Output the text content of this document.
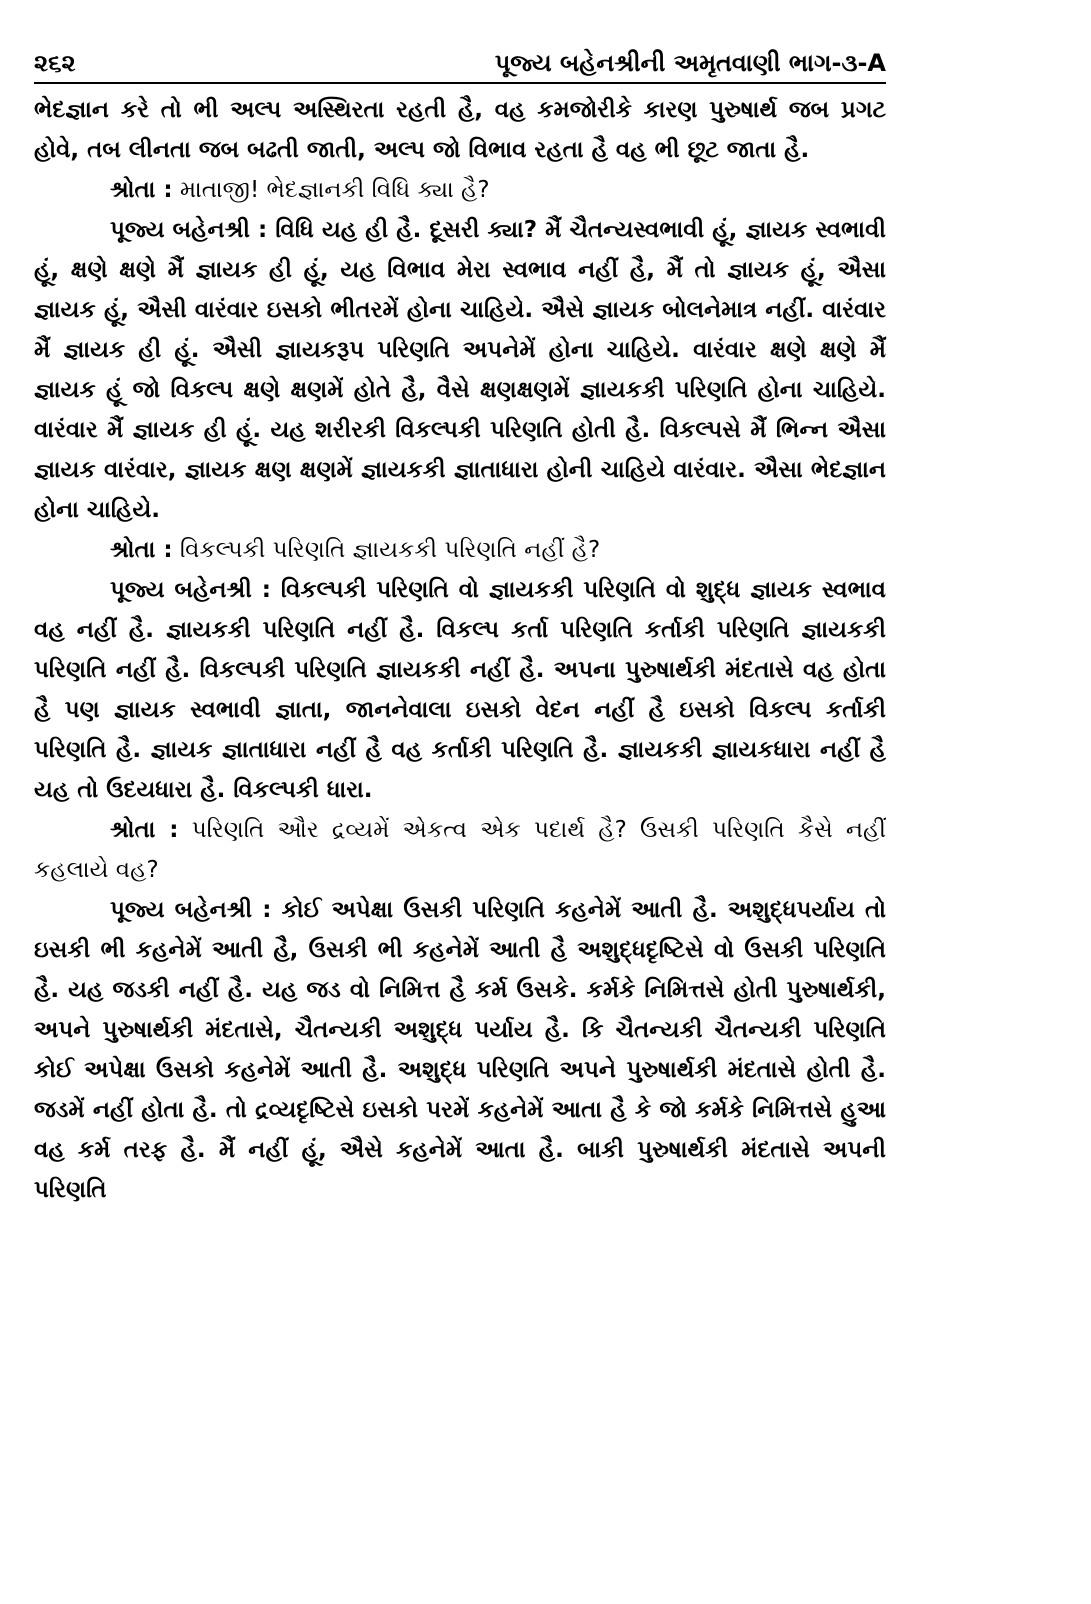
૨૬૨	પૂજ્ય બહેનશ્રીની અમૃતવાણી ભાગ-૩-A

ભેદજ્ઞાન કરે તો ભી અલ્પ અસ્થિરતા રહતી હૈ, વહ કમજોરીકે કારણ પુરુષાર્થ જબ પ્રગટ હોવે, તબ લીનતા જબ બઢતી જાતી, અલ્પ જો વિભાવ રહતા હૈ વહ ભી છૂટ જાતા હૈ.

શ્રોતા : માતાજી! ભેદજ્ઞાનકી વિધિ ક્યા હૈ?

પૂજ્ય બહેનશ્રી : વિધિ યહ હી હૈ. દૂસરી ક્યા? મૈં ચૈતન્યસ્વભાવી હૂં, જ્ઞાયક સ્વભાવી હૂં, ક્ષણે ક્ષણે મૈં જ્ઞાયક હી હૂં, યહ વિભાવ મેરા સ્વભાવ નહીં હૈ, મૈં તો જ્ઞાયક હૂં, ઐસા જ્ઞાયક હૂં, ઐસી વારંવાર ઇસકો ભીતરમેં હોના ચાહિયે. ઐસે જ્ઞાયક બોલનેમાત્ર નહીં. વારંવાર મૈં જ્ઞાયક હી હૂં. ઐસી જ્ઞાયકરૂપ પરિણતિ અપનેમેં હોના ચાહિયે. વારંવાર ક્ષણે ક્ષણે મૈં જ્ઞાયક હૂં જો વિકલ્પ ક્ષણે ક્ષણમેં હોતે હૈ, વૈસે ક્ષણક્ષણમેં જ્ઞાયકકી પરિણતિ હોના ચાહિયે. વારંવાર મૈં જ્ઞાયક હી હૂં. યહ શરીરકી વિકલ્પકી પરિણતિ હોતી હૈ. વિકલ્પસે મૈં ભિન્ન ઐસા જ્ઞાયક વારંવાર, જ્ઞાયક ક્ષણ ક્ષણમેં જ્ઞાયકકી જ્ઞાતાધારા હોની ચાહિયે વારંવાર. ઐસા ભેદજ્ઞાન હોના ચાહિયે.

શ્રોતા : વિકલ્પકી પરિણતિ જ્ઞાયકકી પરિણતિ નહીં હૈ?

પૂજ્ય બહેનશ્રી : વિકલ્પકી પરિણતિ વો જ્ઞાયકકી પરિણતિ વો શુદ્ધ જ્ઞાયક સ્વભાવ વહ નહીં હૈ. જ્ઞાયકકી પરિણતિ નહીં હૈ. વિકલ્પ કર્તા પરિણતિ કર્તાકી પરિણતિ જ્ઞાયકકી પરિણતિ નહીં હૈ. વિકલ્પકી પરિણતિ જ્ઞાયકકી નહીં હૈ. અપના પુરુષાર્થકી મંદતાસે વહ હોતા હૈ પણ જ્ઞાયક સ્વભાવી જ્ઞાતા, જાનનેવાલા ઇસકો વેદન નહીં હૈ ઇસકો વિકલ્પ કર્તાકી પરિણતિ હૈ. જ્ઞાયક જ્ઞાતાધારા નહીં હૈ વહ કર્તાકી પરિણતિ હૈ. જ્ઞાયકકી જ્ઞાયકધારા નહીં હૈ યહ તો ઉદયધારા હૈ. વિકલ્પકી ધારા.

શ્રોતા : પરિણતિ ઔર દ્રવ્યમેં એકત્વ એક પદાર્થ હૈ? ઉસકી પરિણતિ કૈસે નહીં કહલાયે વહ?

પૂજ્ય બહેનશ્રી : કોઈ અપેક્ષા ઉસકી પરિણતિ કહનેમેં આતી હૈ. અશુદ્ધપર્યાય તો ઇસકી ભી કહનેમેં આતી હૈ, ઉસકી ભી કહનેમેં આતી હૈ અશુદ્ધદૃષ્ટિસે વો ઉસકી પરિણતિ હૈ. યહ જડકી નહીં હૈ. યહ જડ વો નિમિત્ત હૈ કર્મ ઉસકે. કર્મકે નિમિત્તસે હોતી પુરુષાર્થકી, અપને પુરુષાર્થકી મંદતાસે, ચૈતન્યકી અશુદ્ધ પર્યાય હૈ. કિ ચૈતન્યકી ચૈતન્યકી પરિણતિ કોઈ અપેક્ષા ઉસકો કહનેમેં આતી હૈ. અશુદ્ધ પરિણતિ અપને પુરુષાર્થકી મંદતાસે હોતી હૈ. જડમેં નહીં હોતા હૈ. તો દ્રવ્યદૃષ્ટિસે ઇસકો પરમેં કહનેમેં આતા હૈ કે જો કર્મકે નિમિત્તસે હુઆ વહ કર્મ તરફ હૈ. મૈં નહીં હૂં, ઐસે કહનેમેં આતા હૈ. બાકી પુરુષાર્થકી મંદતાસે અપની પરિણતિ
